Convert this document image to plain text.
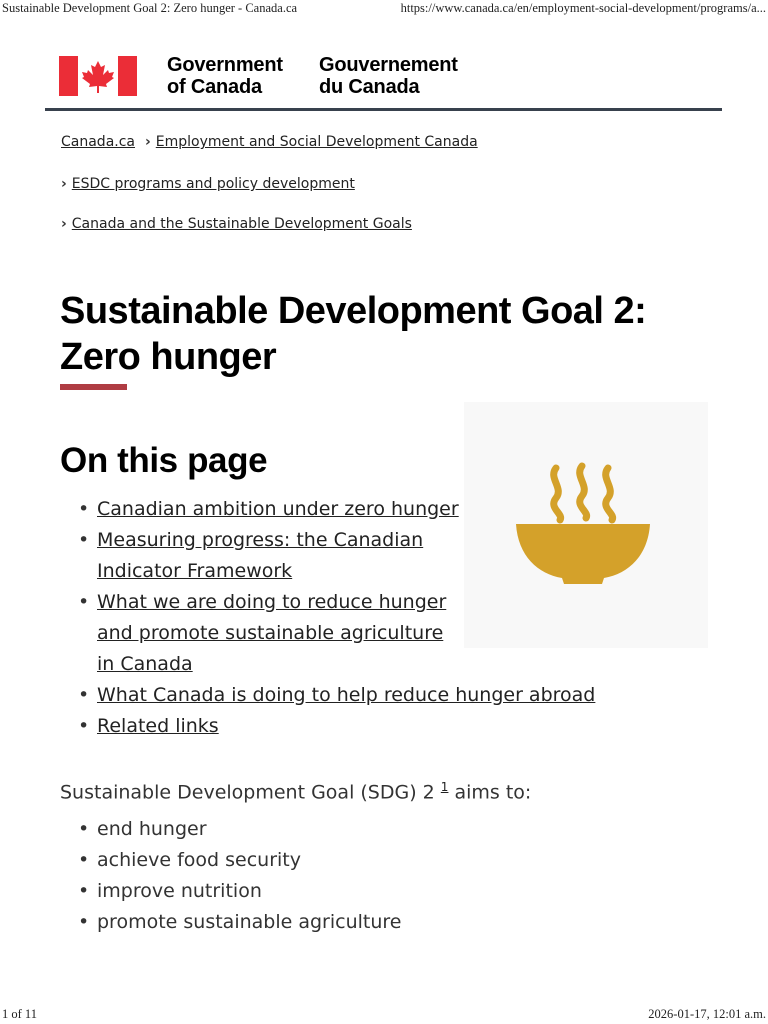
Sustainable Development Goal 2: Zero hunger - Canada.ca	https://www.canada.ca/en/employment-social-development/programs/a...
Government
of Canada
Gouvernement
du Canada
Canada.ca › Employment and Social Development Canada
› ESDC programs and policy development
› Canada and the Sustainable Development Goals
Sustainable Development Goal 2:
Zero hunger
On this page
• Canadian ambition under zero hunger
• Measuring progress: the Canadian Indicator Framework
• What we are doing to reduce hunger and promote sustainable agriculture in Canada
• What Canada is doing to help reduce hunger abroad
• Related links

Sustainable Development Goal (SDG) 2 $^1$ aims to:

• end hunger
• achieve food security
• improve nutrition
• promote sustainable agriculture
1 of 11	2026-01-17, 12:01 a.m.
